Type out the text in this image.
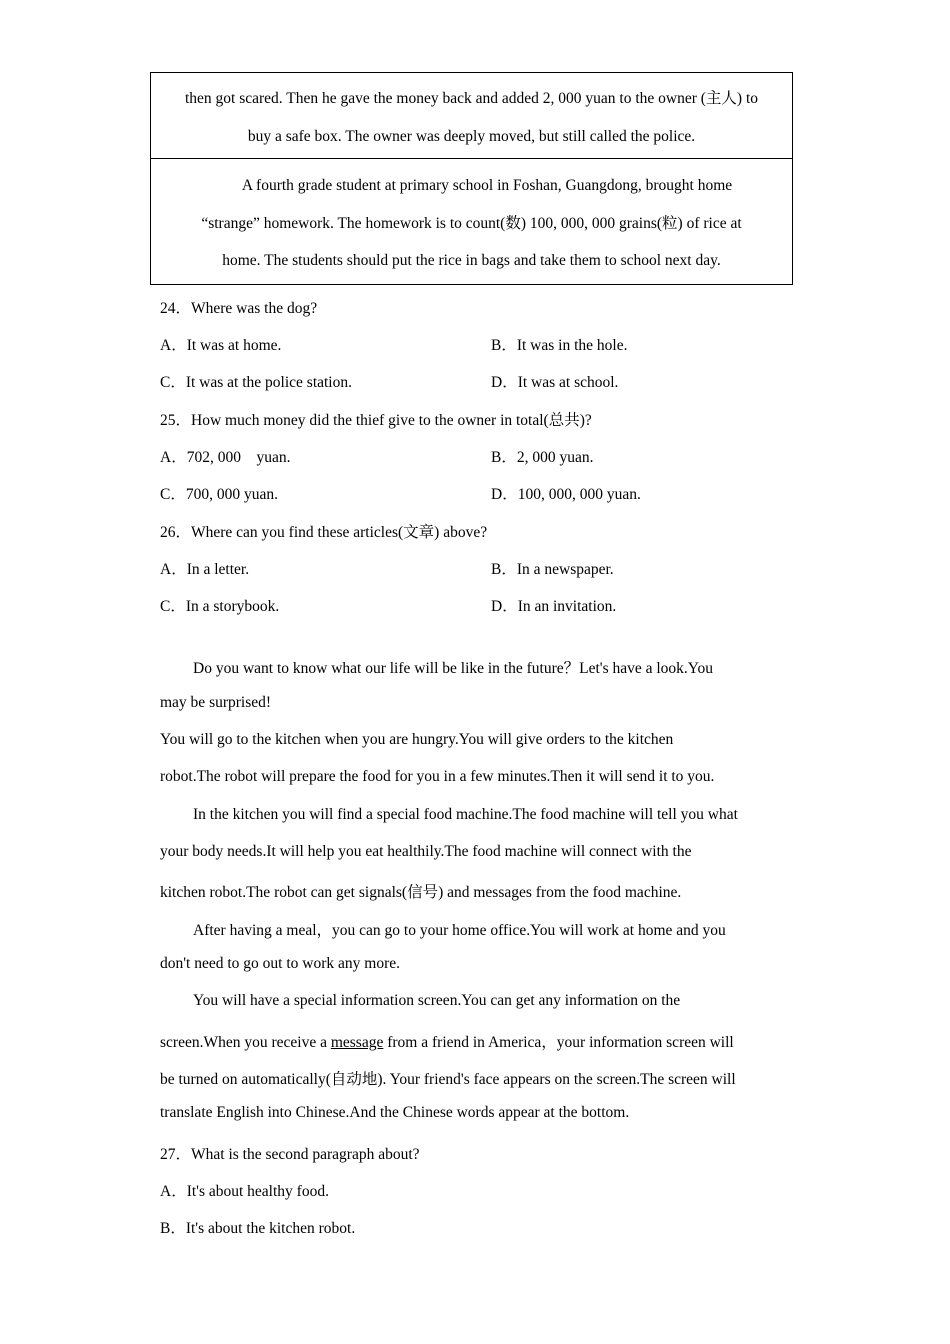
then got scared. Then he gave the money back and added 2, 000 yuan to the owner (主人) to
buy a safe box. The owner was deeply moved, but still called the police.
A fourth grade student at primary school in Foshan, Guangdong, brought home
“strange” homework. The homework is to count(数) 100, 000, 000 grains(粒) of rice at
home. The students should put the rice in bags and take them to school next day.
24．Where was the dog?
A．It was at home.	B．It was in the hole.
C．It was at the police station.	D．It was at school.
25．How much money did the thief give to the owner in total(总共)?
A．702, 000    yuan.	B．2, 000 yuan.
C．700, 000 yuan.	D．100, 000, 000 yuan.
26．Where can you find these articles(文章) above?
A．In a letter.	B．In a newspaper.
C．In a storybook.	D．In an invitation.
Do you want to know what our life will be like in the future？Let's have a look.You
may be surprised!
You will go to the kitchen when you are hungry.You will give orders to the kitchen
robot.The robot will prepare the food for you in a few minutes.Then it will send it to you.
In the kitchen you will find a special food machine.The food machine will tell you what
your body needs.It will help you eat healthily.The food machine will connect with the
kitchen robot.The robot can get signals(信号) and messages from the food machine.
After having a meal，you can go to your home office.You will work at home and you
don't need to go out to work any more.
You will have a special information screen.You can get any information on the
screen.When you receive a message from a friend in America，your information screen will
be turned on automatically(自动地). Your friend's face appears on the screen.The screen will
translate English into Chinese.And the Chinese words appear at the bottom.
27．What is the second paragraph about?
A．It's about healthy food.
B．It's about the kitchen robot.
